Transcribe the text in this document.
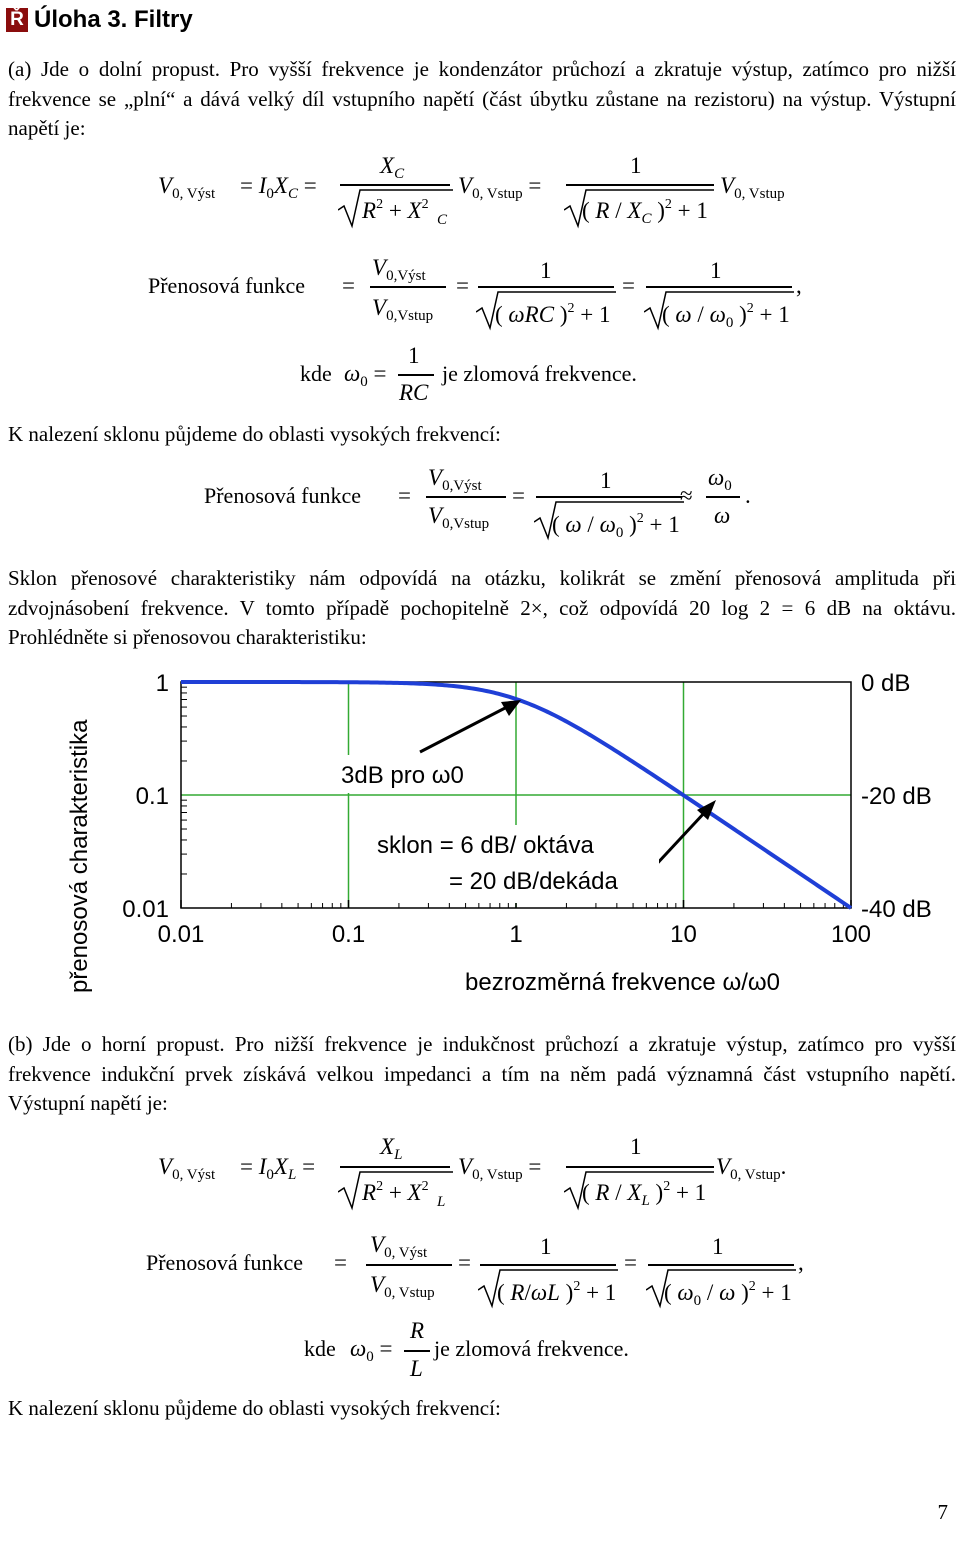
Ř Úloha 3. Filtry
(a) Jde o dolní propust. Pro vyšší frekvence je kondenzátor průchozí a zkratuje výstup, zatímco pro nižší frekvence se „plní“ a dává velký díl vstupního napětí (část úbytku zůstane na rezistoru) na výstup. Výstupní napětí je:
$V_{0, Výst} = I_0X_C$ =
$X_C$
$R^2 + X^2$
C
$V_{0, Vstup}$ =
1
( R / $X_C$ )$^2$ + 1
$V_{0, Vstup}$
Přenosová funkce =
$V_{0,Výst}$
$V_{0,Vstup}$
=
1
( ωRC )$^2$ + 1
=
1
( ω / $\omega_0$ )$^2$ + 1
,
kde $\omega_0$ =
1
RC
je zlomová frekvence.
K nalezení sklonu půjdeme do oblasti vysokých frekvencí:
Přenosová funkce =
$V_{0,Výst}$
$V_{0,Vstup}$
=
1
( ω / $\omega_0$ )$^2$ + 1
≈
$\omega_0$
ω
.
Sklon přenosové charakteristiky nám odpovídá na otázku, kolikrát se změní přenosová amplituda při zdvojnásobení frekvence. V tomto případě pochopitelně 2×, což odpovídá 20 log 2 = 6 dB na oktávu. Prohlédněte si přenosovou charakteristiku:
0.01	0.1	1	10	100
1	0 dB
0.1	-20 dB
0.01	-40 dB
3dB pro ω0
sklon = 6 dB/ oktáva
= 20 dB/dekáda
bezrozměrná frekvence ω/ω0
přenosová charakteristika
(b) Jde o horní propust. Pro nižší frekvence je indukčnost průchozí a zkratuje výstup, zatímco pro vyšší frekvence indukční prvek získává velkou impedanci a tím na něm padá významná část vstupního napětí. Výstupní napětí je:
$V_{0, Výst} = I_0X_L$ =
$X_L$
$R^2 + X^2$
L
$V_{0, Vstup}$ =
1
( R / $X_L$ )$^2$ + 1
$V_{0, Vstup}$.
Přenosová funkce =
$V_{0, Výst}$
$V_{0, Vstup}$
=
1
( R/ωL )$^2$ + 1
=
1
( $\omega_0$ / ω )$^2$ + 1
,
kde $\omega_0$ =
R
L
je zlomová frekvence.
K nalezení sklonu půjdeme do oblasti vysokých frekvencí:
7
